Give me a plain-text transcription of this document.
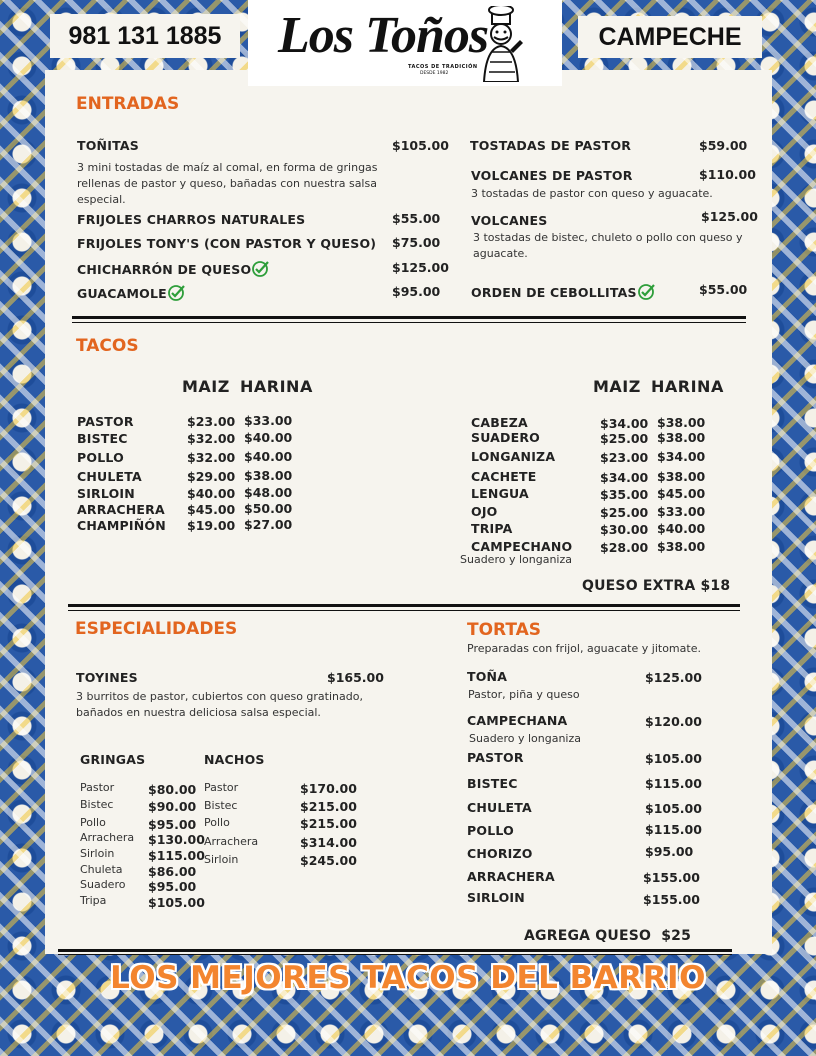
981 131 1885	CAMPECHE
Los Toños
TACOS DE TRADICIÓN
DESDE 1982
ENTRADAS
TOÑITAS	$105.00
3 mini tostadas de maíz al comal, en forma de gringas rellenas de pastor y queso, bañadas con nuestra salsa especial.
FRIJOLES CHARROS NATURALES	$55.00
FRIJOLES TONY'S (CON PASTOR Y QUESO) $75.00
CHICHARRÓN DE QUESO	$125.00
GUACAMOLE	$95.00
TOSTADAS DE PASTOR	$59.00
VOLCANES DE PASTOR	$110.00
3 tostadas de pastor con queso y aguacate.
VOLCANES	$125.00
3 tostadas de bistec, chuleto o pollo con queso y aguacate.
ORDEN DE CEBOLLITAS	$55.00
TACOS
MAIZ HARINA	MAIZ HARINA
PASTOR	$23.00 $33.00
BISTEC	$32.00 $40.00
POLLO	$32.00 $40.00
CHULETA	$29.00 $38.00
SIRLOIN	$40.00 $48.00
ARRACHERA $45.00 $50.00
CHAMPIÑÓN $19.00 $27.00
CABEZA	$34.00 $38.00
SUADERO	$25.00 $38.00
LONGANIZA	$23.00 $34.00
CACHETE	$34.00 $38.00
LENGUA	$35.00 $45.00
OJO	$25.00 $33.00
TRIPA	$30.00 $40.00
CAMPECHANO $28.00 $38.00
Suadero y longaniza
QUESO EXTRA $18
ESPECIALIDADES
TOYINES	$165.00
3 burritos de pastor, cubiertos con queso gratinado, bañados en nuestra deliciosa salsa especial.
GRINGAS	NACHOS
Pastor	$80.00
Bistec	$90.00
Pollo	$95.00
Arrachera $130.00
Sirloin	$115.00
Chuleta $86.00
Suadero $95.00
Tripa	$105.00
Pastor	$170.00
Bistec	$215.00
Pollo	$215.00
Arrachera	$314.00
Sirloin	$245.00
TORTAS
Preparadas con frijol, aguacate y jitomate.
TOÑA	$125.00
Pastor, piña y queso
CAMPECHANA	$120.00
Suadero y longaniza
PASTOR	$105.00
BISTEC	$115.00
CHULETA	$105.00
POLLO	$115.00
CHORIZO	$95.00
ARRACHERA	$155.00
SIRLOIN	$155.00
AGREGA QUESO  $25
LOS MEJORES TACOS DEL BARRIO
